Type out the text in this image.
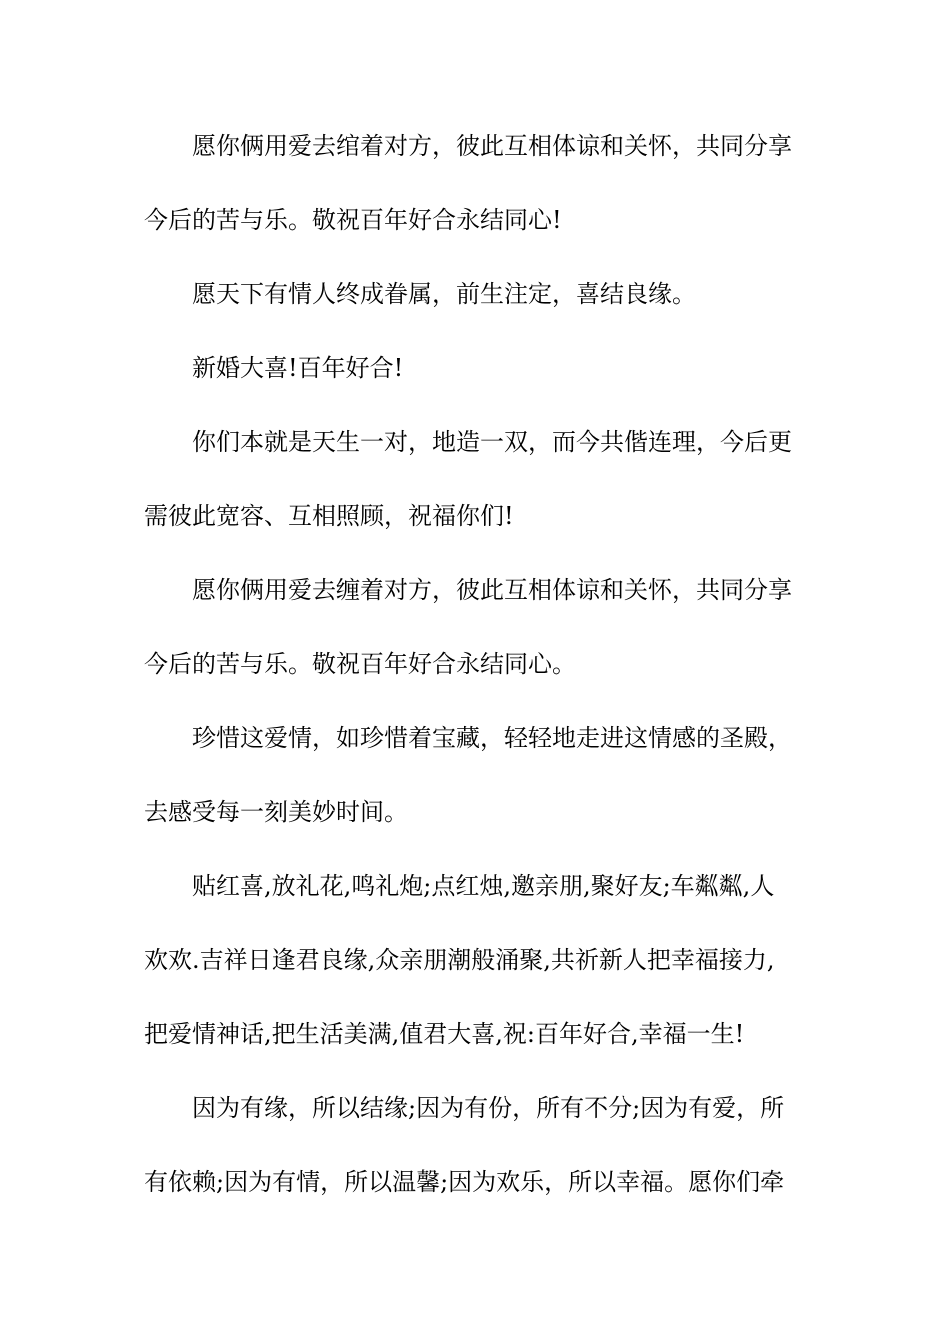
愿你俩用爱去绾着对方，彼此互相体谅和关怀，共同分享
今后的苦与乐。敬祝百年好合永结同心!

愿天下有情人终成眷属，前生注定，喜结良缘。

新婚大喜!百年好合!

你们本就是天生一对，地造一双，而今共偕连理，今后更
需彼此宽容、互相照顾，祝福你们!

愿你俩用爱去缠着对方，彼此互相体谅和关怀，共同分享
今后的苦与乐。敬祝百年好合永结同心。

珍惜这爱情，如珍惜着宝藏，轻轻地走进这情感的圣殿，
去感受每一刻美妙时间。

贴红喜,放礼花,鸣礼炮;点红烛,邀亲朋,聚好友;车粼粼,人
欢欢.吉祥日逢君良缘,众亲朋潮般涌聚,共祈新人把幸福接力,
把爱情神话,把生活美满,值君大喜,祝:百年好合,幸福一生!

因为有缘，所以结缘;因为有份，所有不分;因为有爱，所
有依赖;因为有情，所以温馨;因为欢乐，所以幸福。愿你们牵
